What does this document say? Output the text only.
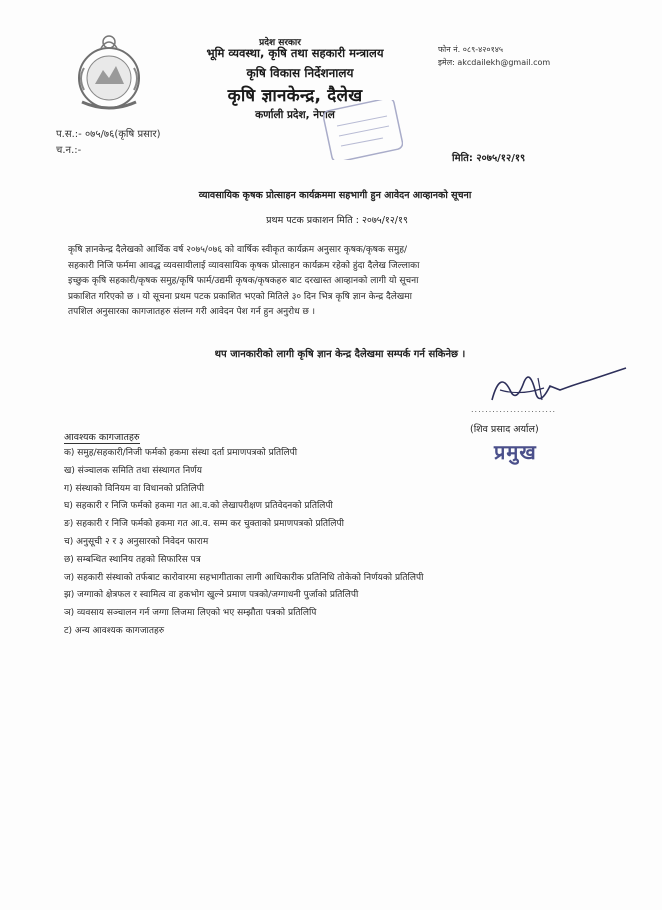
प्रदेश सरकार
भूमि व्यवस्था, कृषि तथा सहकारी मन्त्रालय
कृषि विकास निर्देशनालय
कृषि ज्ञानकेन्द्र, दैलेख
कर्णाली प्रदेश, नेपाल
फोन नं. ०८९-४२०१४५
इमेल: akcdailekh@gmail.com
प.स.:- ०७५/७६(कृषि प्रसार)
च.न.:-
मिति: २०७५/१२/१९
व्यावसायिक कृषक प्रोत्साहन कार्यक्रममा सहभागी हुन आवेदन आव्हानको सूचना
प्रथम पटक प्रकाशन मिति : २०७५/१२/१९
कृषि ज्ञानकेन्द्र दैलेखको आर्थिक वर्ष २०७५/०७६ को वार्षिक स्वीकृत कार्यक्रम अनुसार कृषक/कृषक समुह/
सहकारी निजि फर्ममा आवद्ध व्यवसायीलाई व्यावसायिक कृषक प्रोत्साहन कार्यक्रम रहेको हुंदा दैलेख जिल्लाका
इच्छुक कृषि सहकारी/कृषक समुह/कृषि फार्म/उद्यमी कृषक/कृषकहरु बाट दरखास्त आव्हानको लागी यो सूचना
प्रकाशित गरिएको छ । यो सूचना प्रथम पटक प्रकाशित भएको मितिले ३० दिन भित्र कृषि ज्ञान केन्द्र दैलेखमा
तपशिल अनुसारका कागजातहरु संलग्न गरी आवेदन पेश गर्न हुन अनुरोध छ ।
थप जानकारीको लागी कृषि ज्ञान केन्द्र दैलेखमा सम्पर्क गर्न सकिनेछ ।
........................
(शिव प्रसाद अर्याल)
प्रमुख
आवश्यक कागजातहरु
क) समुह/सहकारी/निजी फर्मको हकमा संस्था दर्ता प्रमाणपत्रको प्रतिलिपी
ख) संञ्चालक समिति तथा संस्थागत निर्णय
ग) संस्थाको विनियम वा विधानको प्रतिलिपी
घ) सहकारी र निजि फर्मको हकमा गत आ.व.को लेखापरीक्षण प्रतिवेदनको प्रतिलिपी
ङ) सहकारी र निजि फर्मको हकमा गत आ.व. सम्म कर चुक्ताको प्रमाणपत्रको प्रतिलिपी
च) अनुसूची २ र ३ अनुसारको निवेदन फाराम
छ) सम्बन्धित स्थानिय तहको सिफारिस पत्र
ज) सहकारी संस्थाको तर्फबाट कारोवारमा सहभागीताका लागी आधिकारीक प्रतिनिधि तोकेको निर्णयको प्रतिलिपी
झ) जग्गाको क्षेत्रफल र स्वामित्व वा हकभोग खुल्ने प्रमाण पत्रको/जग्गाधनी पुर्जाको प्रतिलिपी
ञ) व्यवसाय सञ्चालन गर्न जग्गा लिजमा लिएको भए सम्झौता पत्रको प्रतिलिपि
ट) अन्य आवश्यक कागजातहरु
